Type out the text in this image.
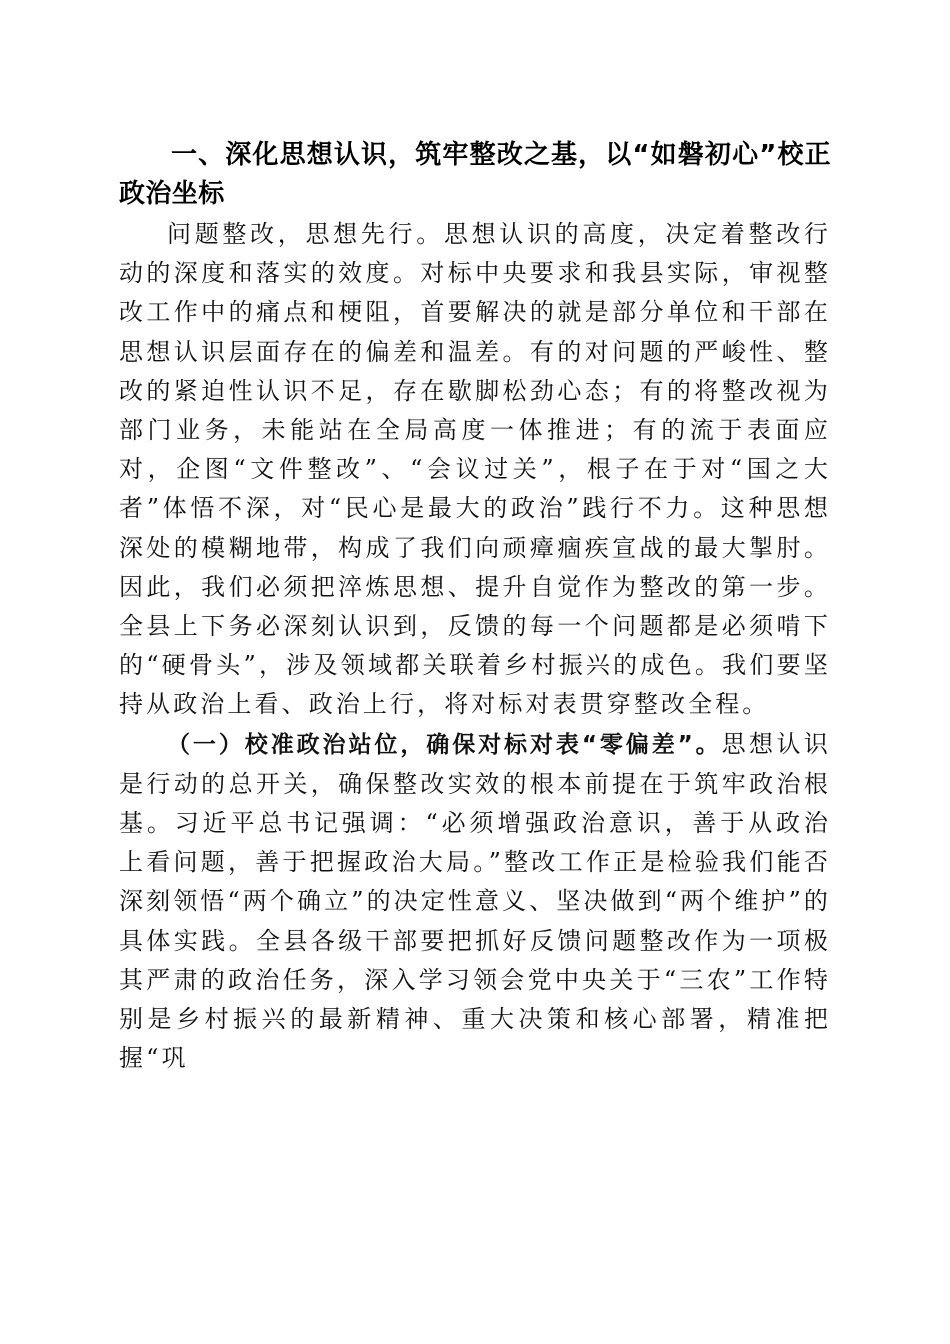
一、深化思想认识，筑牢整改之基，以“如磐初心”校正政治坐标

问题整改，思想先行。思想认识的高度，决定着整改行动的深度和落实的效度。对标中央要求和我县实际，审视整改工作中的痛点和梗阻，首要解决的就是部分单位和干部在思想认识层面存在的偏差和温差。有的对问题的严峻性、整改的紧迫性认识不足，存在歇脚松劲心态；有的将整改视为部门业务，未能站在全局高度一体推进；有的流于表面应对，企图“文件整改”、“会议过关”，根子在于对“国之大者”体悟不深，对“民心是最大的政治”践行不力。这种思想深处的模糊地带，构成了我们向顽瘴痼疾宣战的最大掣肘。因此，我们必须把淬炼思想、提升自觉作为整改的第一步。全县上下务必深刻认识到，反馈的每一个问题都是必须啃下的“硬骨头”，涉及领域都关联着乡村振兴的成色。我们要坚持从政治上看、政治上行，将对标对表贯穿整改全程。

（一）校准政治站位，确保对标对表“零偏差”。思想认识是行动的总开关，确保整改实效的根本前提在于筑牢政治根基。习近平总书记强调：“必须增强政治意识，善于从政治上看问题，善于把握政治大局。”整改工作正是检验我们能否深刻领悟“两个确立”的决定性意义、坚决做到“两个维护”的具体实践。全县各级干部要把抓好反馈问题整改作为一项极其严肃的政治任务，深入学习领会党中央关于“三农”工作特别是乡村振兴的最新精神、重大决策和核心部署，精准把握“巩
